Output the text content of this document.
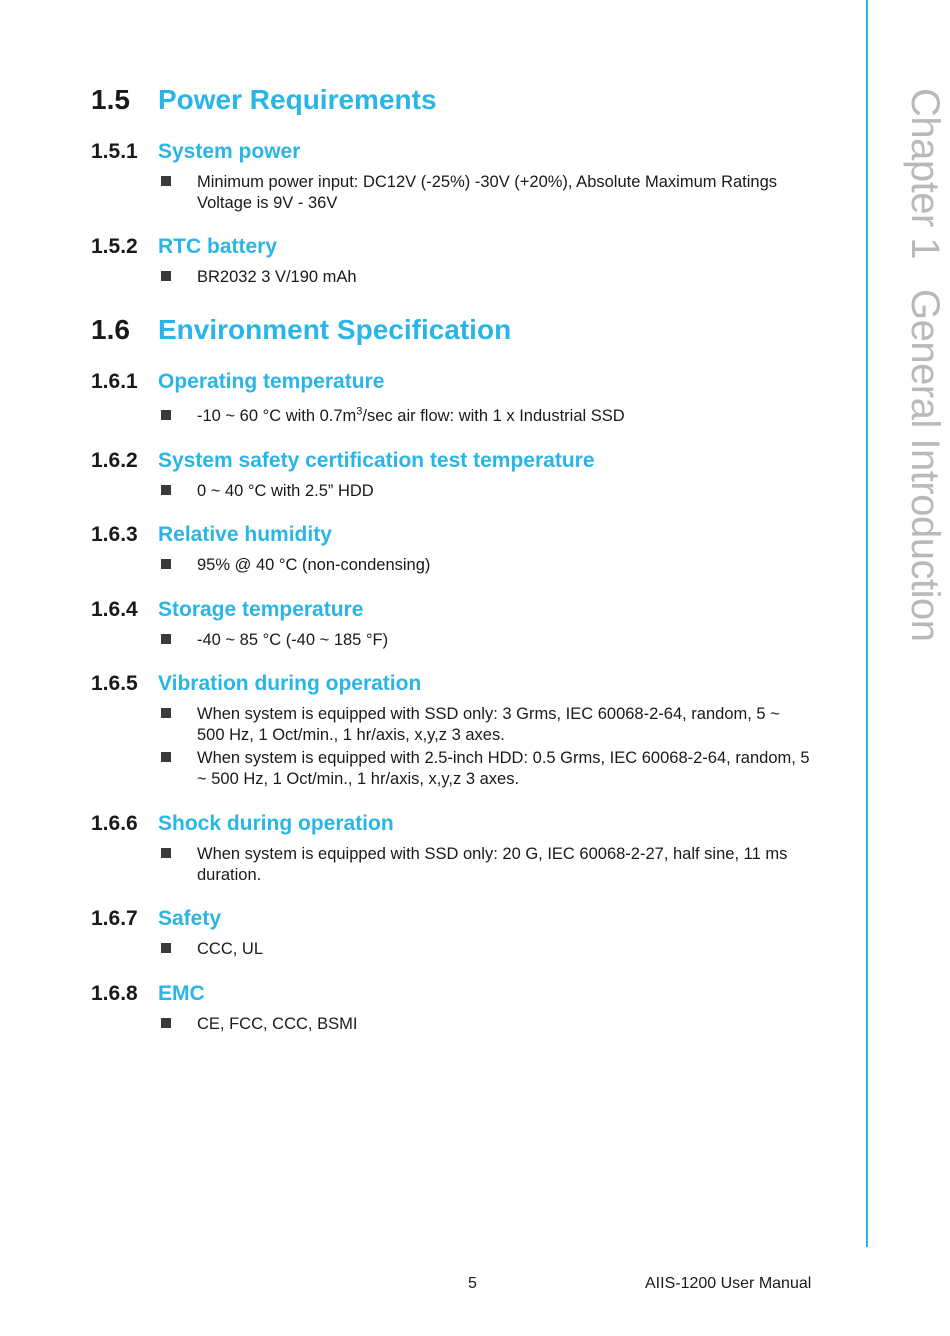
Chapter 1General Introduction
1.5 Power Requirements
1.5.1 System power
Minimum power input: DC12V (-25%) -30V (+20%), Absolute Maximum Ratings Voltage is 9V - 36V
1.5.2 RTC battery
BR2032 3 V/190 mAh
1.6 Environment Specification
1.6.1 Operating temperature
-10 ~ 60 °C with $0.7m^3/\sec$ air flow: with 1 x Industrial SSD
1.6.2 System safety certification test temperature
0 ~ 40 °C with 2.5” HDD
1.6.3 Relative humidity
95% @ 40 °C (non-condensing)
1.6.4 Storage temperature
-40 ~ 85 °C (-40 ~ 185 °F)
1.6.5 Vibration during operation
When system is equipped with SSD only: 3 Grms, IEC 60068-2-64, random, 5 ~ 500 Hz, 1 Oct/min., 1 hr/axis, x,y,z 3 axes.
When system is equipped with 2.5-inch HDD: 0.5 Grms, IEC 60068-2-64, random, 5 ~ 500 Hz, 1 Oct/min., 1 hr/axis, x,y,z 3 axes.
1.6.6 Shock during operation
When system is equipped with SSD only: 20 G, IEC 60068-2-27, half sine, 11 ms duration.
1.6.7 Safety
CCC, UL
1.6.8 EMC
CE, FCC, CCC, BSMI
5	AIIS-1200 User Manual
